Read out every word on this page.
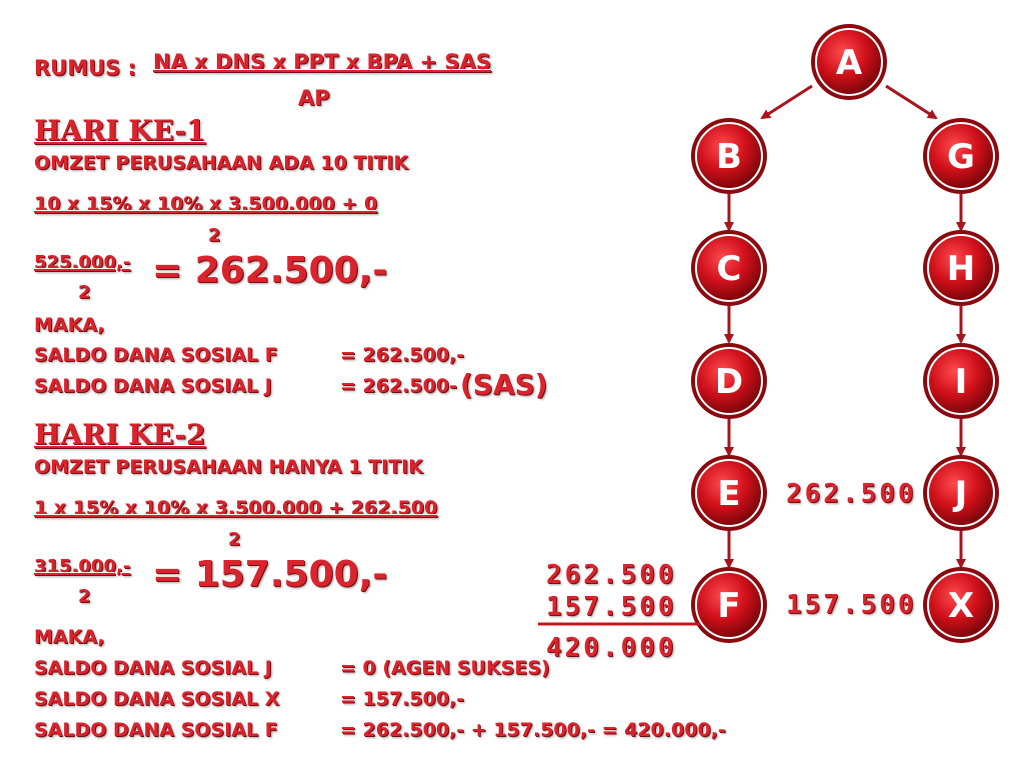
RUMUS : NA x DNS x PPT x BPA + SAS
AP
HARI KE-1
OMZET PERUSAHAAN ADA 10 TITIK
10 x 15% x 10% x 3.500.000 + 0
2
525.000,-
2
= 262.500,-
MAKA,
SALDO DANA SOSIAL F	= 262.500,-
SALDO DANA SOSIAL J	= 262.500- (SAS)
HARI KE-2
OMZET PERUSAHAAN HANYA 1 TITIK
1 x 15% x 10% x 3.500.000 + 262.500
2
315.000,-
2
= 157.500,-
MAKA,
SALDO DANA SOSIAL J	= 0 (AGEN SUKSES)
SALDO DANA SOSIAL X	= 157.500,-
SALDO DANA SOSIAL F	= 262.500,- + 157.500,- = 420.000,-
A
B
C
D
E
F
G
H
I
J
X
262.500
157.500
262.500
157.500
420.000
